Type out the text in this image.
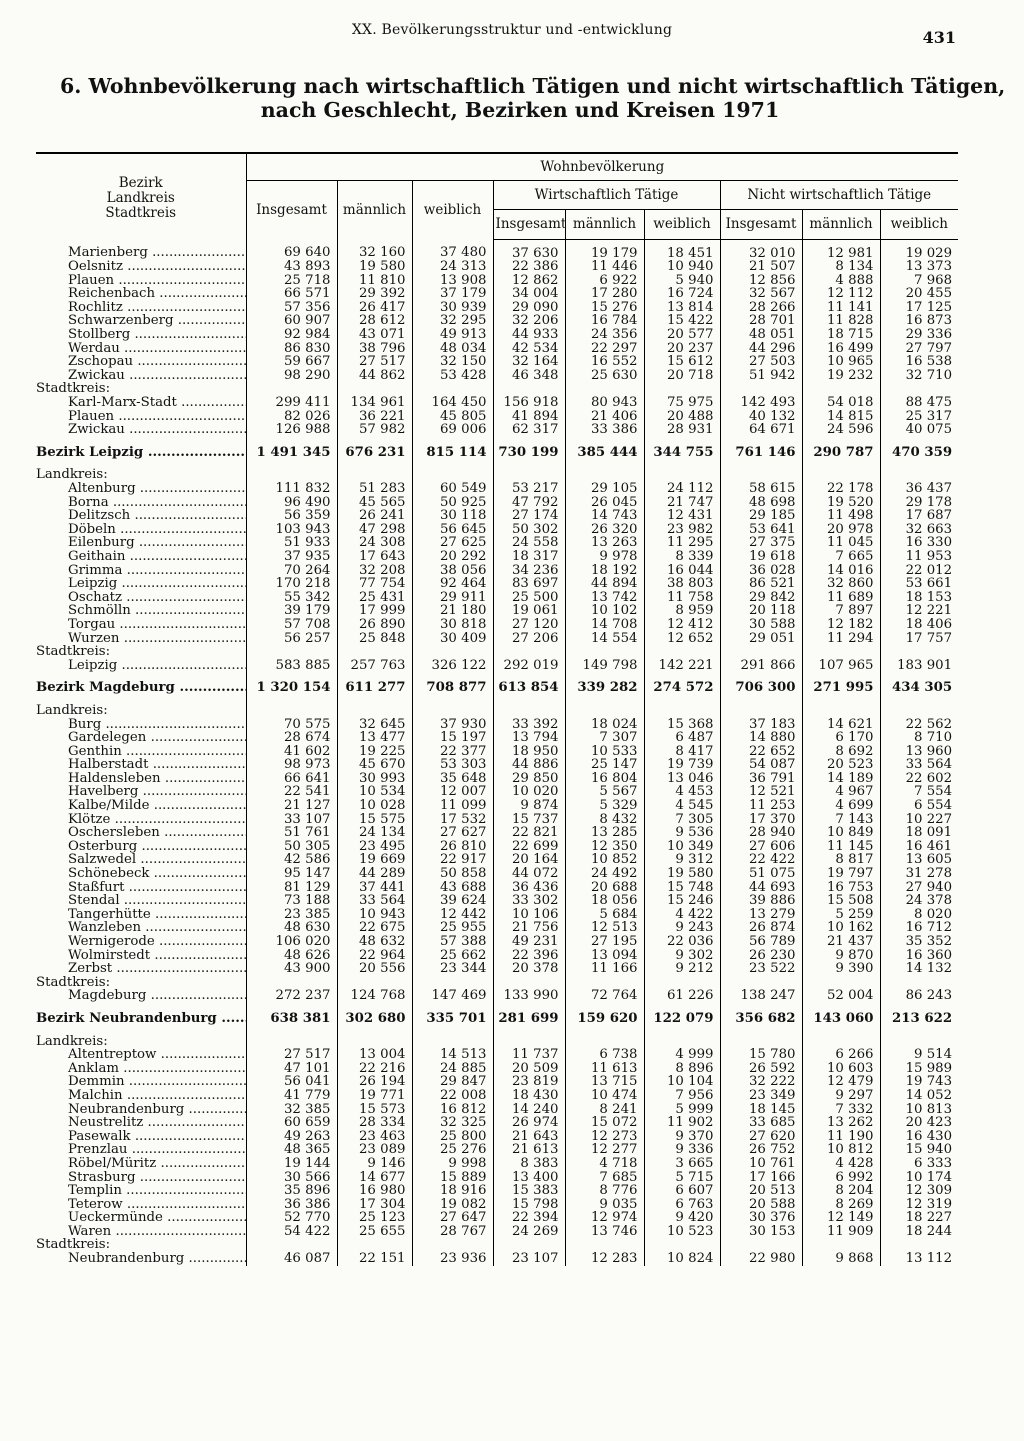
XX. Bevölkerungsstruktur und -entwicklung	431
6. Wohnbevölkerung nach wirtschaftlich Tätigen und nicht wirtschaftlich Tätigen,
nach Geschlecht, Bezirken und Kreisen 1971
Bezirk
Landkreis
Stadtkreis	Wohnbevölkerung								
	Insgesamt	männlich	weiblich	Wirtschaftlich Tätige			Nicht wirtschaftlich Tätige		
				Insgesamt	männlich	weiblich	Insgesamt	männlich	weiblich
Marienberg .....	69 640	32 160	37 480	37 630	19 179	18 451	32 010	12 981	19 029
Oelsnitz .....	43 893	19 580	24 313	22 386	11 446	10 940	21 507	8 134	13 373
Plauen .....	25 718	11 810	13 908	12 862	6 922	5 940	12 856	4 888	7 968
Reichenbach .....	66 571	29 392	37 179	34 004	17 280	16 724	32 567	12 112	20 455
Rochlitz .....	57 356	26 417	30 939	29 090	15 276	13 814	28 266	11 141	17 125
Schwarzenberg .....	60 907	28 612	32 295	32 206	16 784	15 422	28 701	11 828	16 873
Stollberg .....	92 984	43 071	49 913	44 933	24 356	20 577	48 051	18 715	29 336
Werdau .....	86 830	38 796	48 034	42 534	22 297	20 237	44 296	16 499	27 797
Zschopau .....	59 667	27 517	32 150	32 164	16 552	15 612	27 503	10 965	16 538
Zwickau .....	98 290	44 862	53 428	46 348	25 630	20 718	51 942	19 232	32 710
Stadtkreis:									
Karl-Marx-Stadt .....	299 411	134 961	164 450	156 918	80 943	75 975	142 493	54 018	88 475
Plauen .....	82 026	36 221	45 805	41 894	21 406	20 488	40 132	14 815	25 317
Zwickau .....	126 988	57 982	69 006	62 317	33 386	28 931	64 671	24 596	40 075

Bezirk Leipzig .....	1 491 345	676 231	815 114	730 199	385 444	344 755	761 146	290 787	470 359

Landkreis:									
Altenburg .....	111 832	51 283	60 549	53 217	29 105	24 112	58 615	22 178	36 437
Borna .....	96 490	45 565	50 925	47 792	26 045	21 747	48 698	19 520	29 178
Delitzsch .....	56 359	26 241	30 118	27 174	14 743	12 431	29 185	11 498	17 687
Döbeln .....	103 943	47 298	56 645	50 302	26 320	23 982	53 641	20 978	32 663
Eilenburg .....	51 933	24 308	27 625	24 558	13 263	11 295	27 375	11 045	16 330
Geithain .....	37 935	17 643	20 292	18 317	9 978	8 339	19 618	7 665	11 953
Grimma .....	70 264	32 208	38 056	34 236	18 192	16 044	36 028	14 016	22 012
Leipzig .....	170 218	77 754	92 464	83 697	44 894	38 803	86 521	32 860	53 661
Oschatz .....	55 342	25 431	29 911	25 500	13 742	11 758	29 842	11 689	18 153
Schmölln .....	39 179	17 999	21 180	19 061	10 102	8 959	20 118	7 897	12 221
Torgau .....	57 708	26 890	30 818	27 120	14 708	12 412	30 588	12 182	18 406
Wurzen .....	56 257	25 848	30 409	27 206	14 554	12 652	29 051	11 294	17 757
Stadtkreis:									
Leipzig .....	583 885	257 763	326 122	292 019	149 798	142 221	291 866	107 965	183 901

Bezirk Magdeburg .....	1 320 154	611 277	708 877	613 854	339 282	274 572	706 300	271 995	434 305

Landkreis:									
Burg .....	70 575	32 645	37 930	33 392	18 024	15 368	37 183	14 621	22 562
Gardelegen .....	28 674	13 477	15 197	13 794	7 307	6 487	14 880	6 170	8 710
Genthin .....	41 602	19 225	22 377	18 950	10 533	8 417	22 652	8 692	13 960
Halberstadt .....	98 973	45 670	53 303	44 886	25 147	19 739	54 087	20 523	33 564
Haldensleben .....	66 641	30 993	35 648	29 850	16 804	13 046	36 791	14 189	22 602
Havelberg .....	22 541	10 534	12 007	10 020	5 567	4 453	12 521	4 967	7 554
Kalbe/Milde .....	21 127	10 028	11 099	9 874	5 329	4 545	11 253	4 699	6 554
Klötze .....	33 107	15 575	17 532	15 737	8 432	7 305	17 370	7 143	10 227
Oschersleben .....	51 761	24 134	27 627	22 821	13 285	9 536	28 940	10 849	18 091
Osterburg .....	50 305	23 495	26 810	22 699	12 350	10 349	27 606	11 145	16 461
Salzwedel .....	42 586	19 669	22 917	20 164	10 852	9 312	22 422	8 817	13 605
Schönebeck .....	95 147	44 289	50 858	44 072	24 492	19 580	51 075	19 797	31 278
Staßfurt .....	81 129	37 441	43 688	36 436	20 688	15 748	44 693	16 753	27 940
Stendal .....	73 188	33 564	39 624	33 302	18 056	15 246	39 886	15 508	24 378
Tangerhütte .....	23 385	10 943	12 442	10 106	5 684	4 422	13 279	5 259	8 020
Wanzleben .....	48 630	22 675	25 955	21 756	12 513	9 243	26 874	10 162	16 712
Wernigerode .....	106 020	48 632	57 388	49 231	27 195	22 036	56 789	21 437	35 352
Wolmirstedt .....	48 626	22 964	25 662	22 396	13 094	9 302	26 230	9 870	16 360
Zerbst .....	43 900	20 556	23 344	20 378	11 166	9 212	23 522	9 390	14 132
Stadtkreis:									
Magdeburg .....	272 237	124 768	147 469	133 990	72 764	61 226	138 247	52 004	86 243

Bezirk Neubrandenburg .....	638 381	302 680	335 701	281 699	159 620	122 079	356 682	143 060	213 622

Landkreis:									
Altentreptow .....	27 517	13 004	14 513	11 737	6 738	4 999	15 780	6 266	9 514
Anklam .....	47 101	22 216	24 885	20 509	11 613	8 896	26 592	10 603	15 989
Demmin .....	56 041	26 194	29 847	23 819	13 715	10 104	32 222	12 479	19 743
Malchin .....	41 779	19 771	22 008	18 430	10 474	7 956	23 349	9 297	14 052
Neubrandenburg .....	32 385	15 573	16 812	14 240	8 241	5 999	18 145	7 332	10 813
Neustrelitz .....	60 659	28 334	32 325	26 974	15 072	11 902	33 685	13 262	20 423
Pasewalk .....	49 263	23 463	25 800	21 643	12 273	9 370	27 620	11 190	16 430
Prenzlau .....	48 365	23 089	25 276	21 613	12 277	9 336	26 752	10 812	15 940
Röbel/Müritz .....	19 144	9 146	9 998	8 383	4 718	3 665	10 761	4 428	6 333
Strasburg .....	30 566	14 677	15 889	13 400	7 685	5 715	17 166	6 992	10 174
Templin .....	35 896	16 980	18 916	15 383	8 776	6 607	20 513	8 204	12 309
Teterow .....	36 386	17 304	19 082	15 798	9 035	6 763	20 588	8 269	12 319
Ueckermünde .....	52 770	25 123	27 647	22 394	12 974	9 420	30 376	12 149	18 227
Waren .....	54 422	25 655	28 767	24 269	13 746	10 523	30 153	11 909	18 244
Stadtkreis:									
Neubrandenburg .....	46 087	22 151	23 936	23 107	12 283	10 824	22 980	9 868	13 112
